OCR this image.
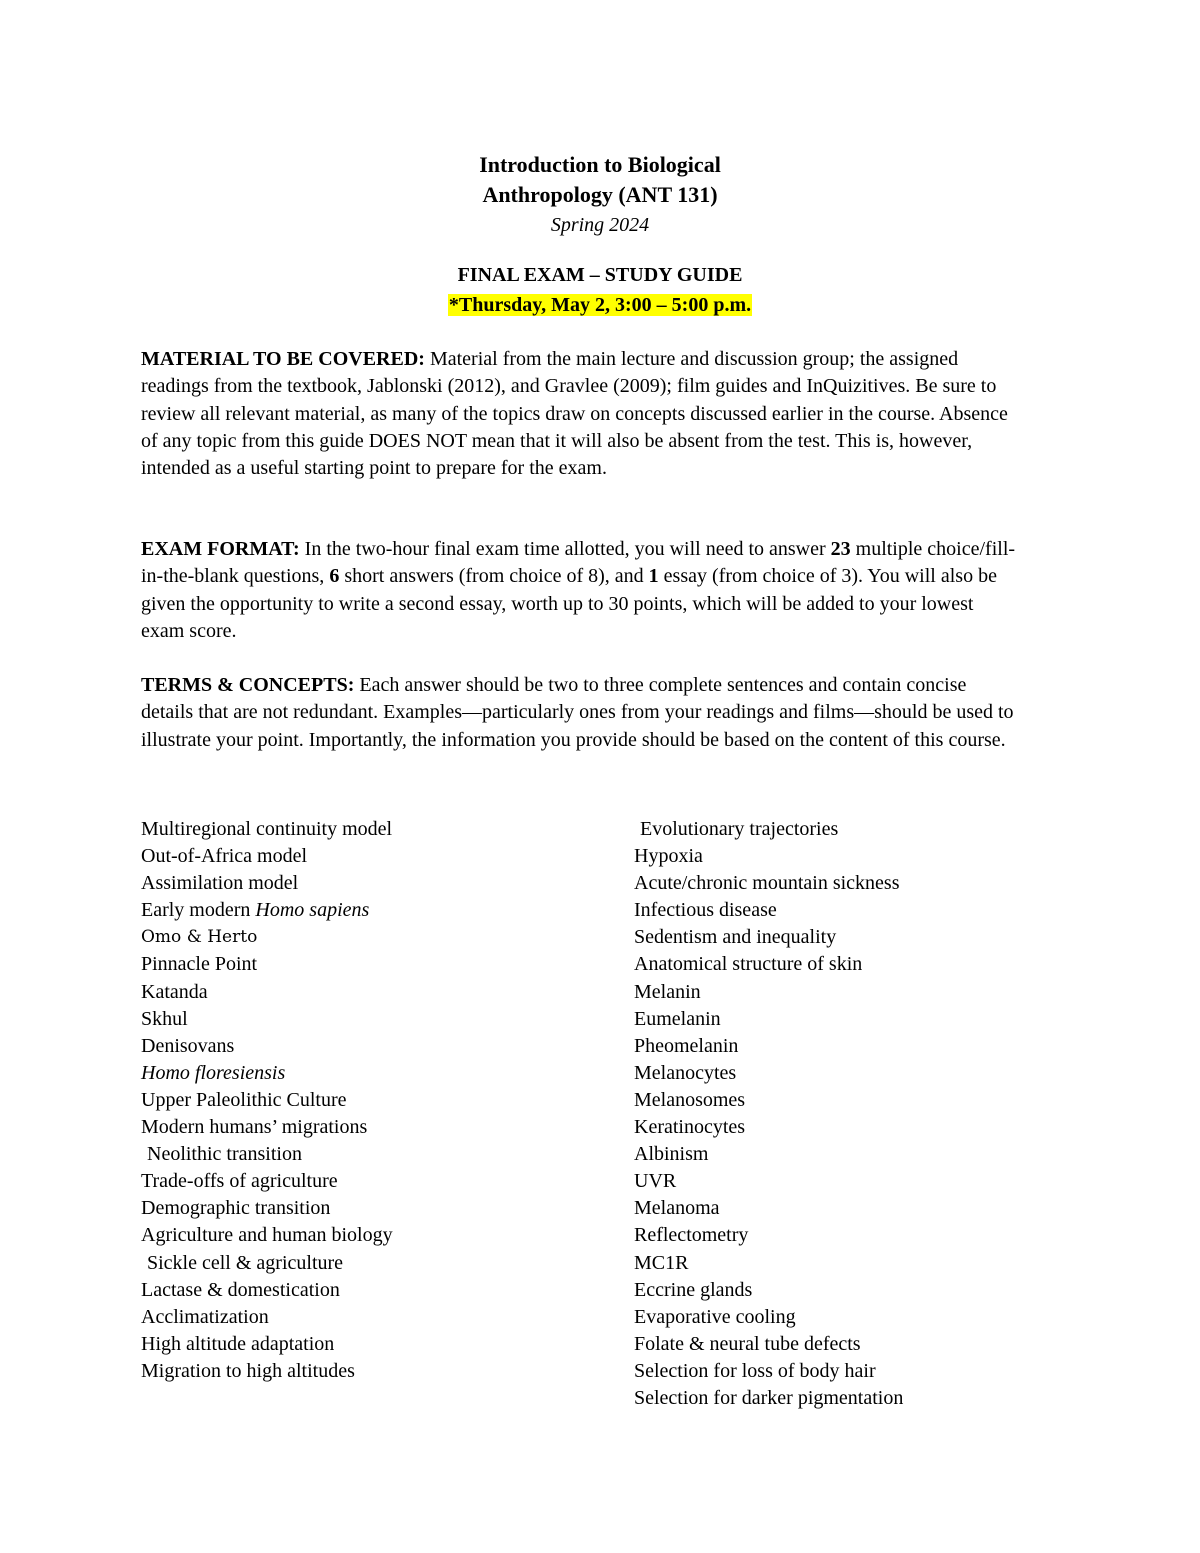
Introduction to Biological
Anthropology (ANT 131)
Spring 2024
FINAL EXAM – STUDY GUIDE
*Thursday, May 2, 3:00 – 5:00 p.m.

MATERIAL TO BE COVERED: Material from the main lecture and discussion group; the assigned readings from the textbook, Jablonski (2012), and Gravlee (2009); film guides and InQuizitives. Be sure to review all relevant material, as many of the topics draw on concepts discussed earlier in the course. Absence of any topic from this guide DOES NOT mean that it will also be absent from the test. This is, however, intended as a useful starting point to prepare for the exam.

EXAM FORMAT: In the two-hour final exam time allotted, you will need to answer 23 multiple choice/fill-in-the-blank questions, 6 short answers (from choice of 8), and 1 essay (from choice of 3). You will also be given the opportunity to write a second essay, worth up to 30 points, which will be added to your lowest exam score.

TERMS & CONCEPTS: Each answer should be two to three complete sentences and contain concise details that are not redundant. Examples—particularly ones from your readings and films—should be used to illustrate your point. Importantly, the information you provide should be based on the content of this course.

Multiregional continuity model
Out-of-Africa model
Assimilation model
Early modern Homo sapiens
Omo & Herto
Pinnacle Point
Katanda
Skhul
Denisovans
Homo floresiensis
Upper Paleolithic Culture
Modern humans’ migrations
Neolithic transition
Trade-offs of agriculture
Demographic transition
Agriculture and human biology
Sickle cell & agriculture
Lactase & domestication
Acclimatization
High altitude adaptation
Migration to high altitudes
Evolutionary trajectories
Hypoxia
Acute/chronic mountain sickness
Infectious disease
Sedentism and inequality
Anatomical structure of skin
Melanin
Eumelanin
Pheomelanin
Melanocytes
Melanosomes
Keratinocytes
Albinism
UVR
Melanoma
Reflectometry
MC1R
Eccrine glands
Evaporative cooling
Folate & neural tube defects
Selection for loss of body hair
Selection for darker pigmentation
